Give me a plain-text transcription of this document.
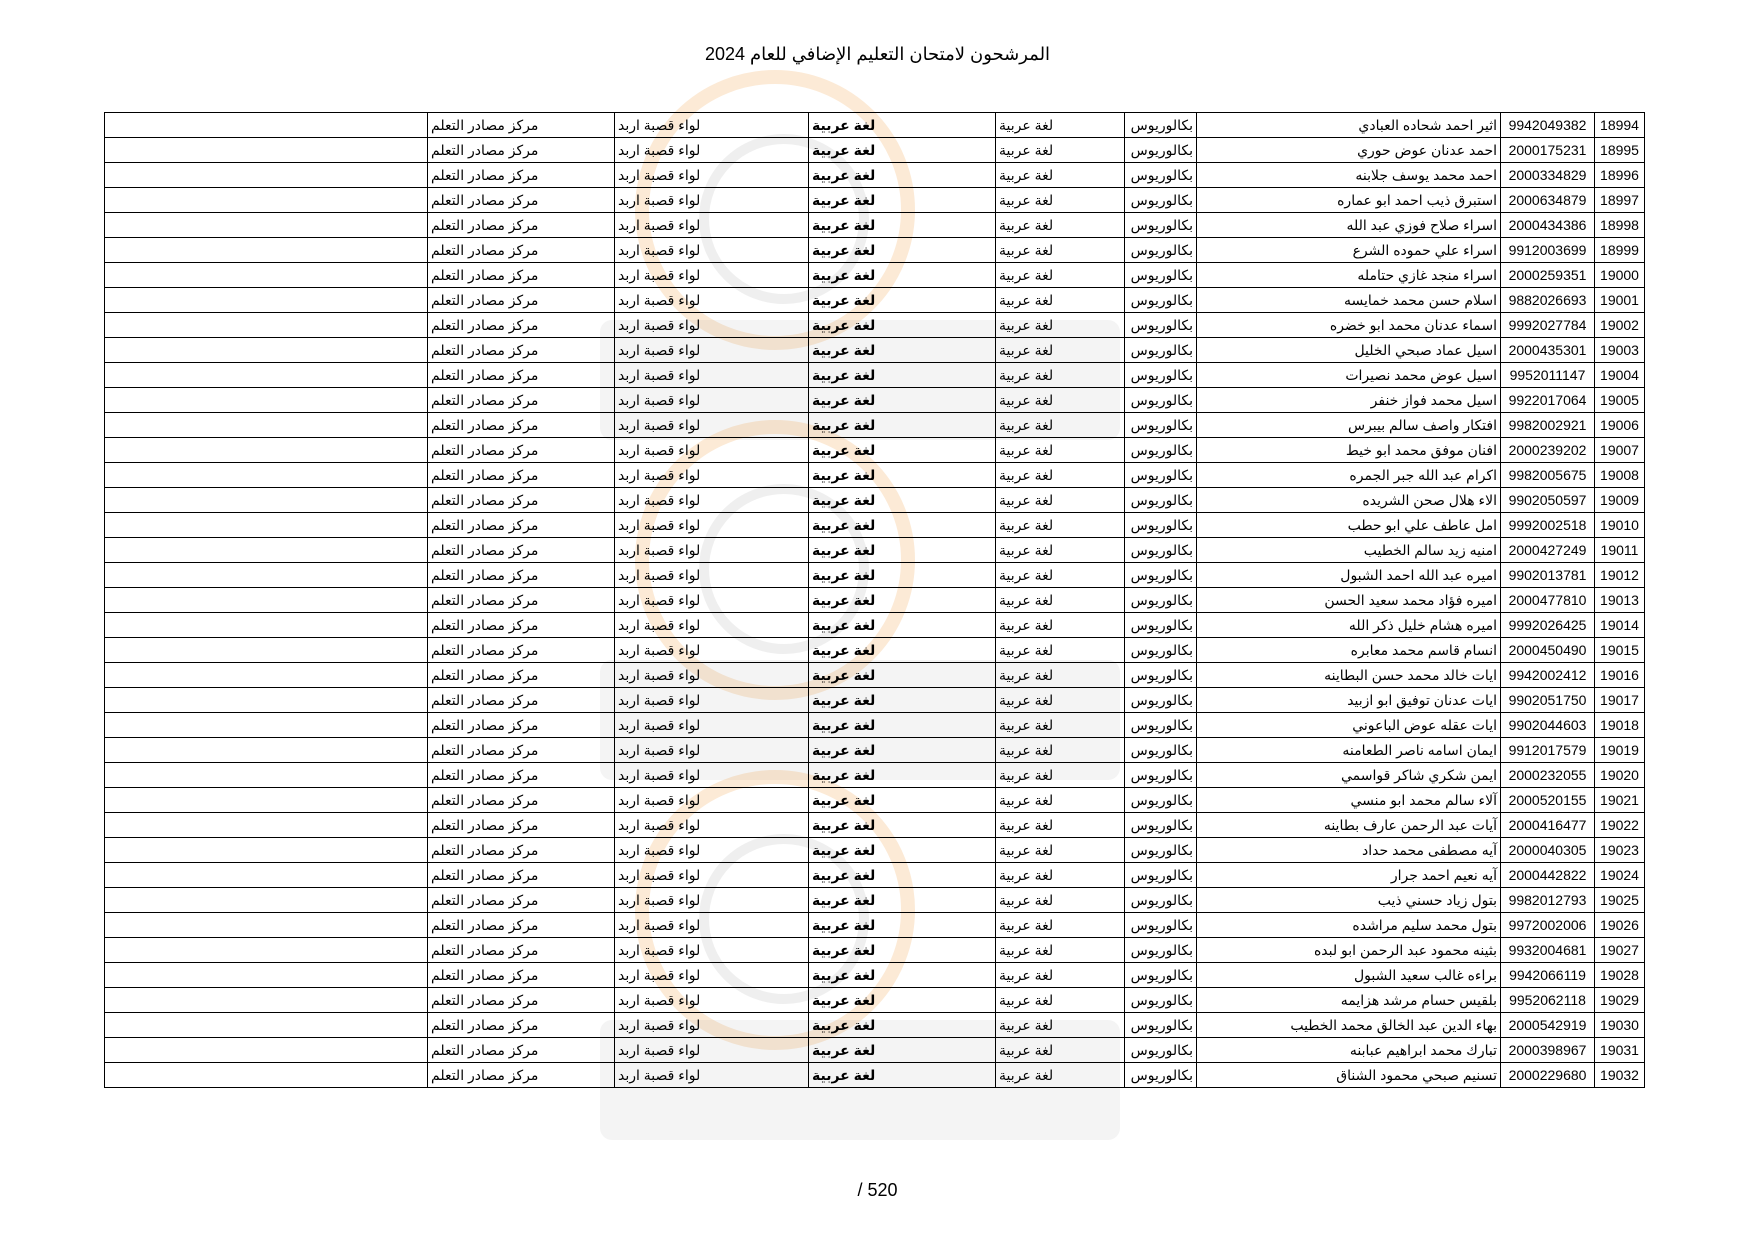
المرشحون لامتحان التعليم الإضافي للعام 2024
18994	9942049382	اثير احمد شحاده العبادي	بكالوريوس	لغة عربية	لغة عربية	لواء قصبة اربد	مركز مصادر التعلم	
18995	2000175231	احمد عدنان عوض حوري	بكالوريوس	لغة عربية	لغة عربية	لواء قصبة اربد	مركز مصادر التعلم	
18996	2000334829	احمد محمد يوسف جلابنه	بكالوريوس	لغة عربية	لغة عربية	لواء قصبة اربد	مركز مصادر التعلم	
18997	2000634879	استبرق ذيب احمد ابو عماره	بكالوريوس	لغة عربية	لغة عربية	لواء قصبة اربد	مركز مصادر التعلم	
18998	2000434386	اسراء صلاح فوزي عبد الله	بكالوريوس	لغة عربية	لغة عربية	لواء قصبة اربد	مركز مصادر التعلم	
18999	9912003699	اسراء علي حموده الشرع	بكالوريوس	لغة عربية	لغة عربية	لواء قصبة اربد	مركز مصادر التعلم	
19000	2000259351	اسراء منجد غازي حتامله	بكالوريوس	لغة عربية	لغة عربية	لواء قصبة اربد	مركز مصادر التعلم	
19001	9882026693	اسلام حسن محمد خمايسه	بكالوريوس	لغة عربية	لغة عربية	لواء قصبة اربد	مركز مصادر التعلم	
19002	9992027784	اسماء عدنان محمد ابو خضره	بكالوريوس	لغة عربية	لغة عربية	لواء قصبة اربد	مركز مصادر التعلم	
19003	2000435301	اسيل عماد صبحي الخليل	بكالوريوس	لغة عربية	لغة عربية	لواء قصبة اربد	مركز مصادر التعلم	
19004	9952011147	اسيل عوض محمد نصيرات	بكالوريوس	لغة عربية	لغة عربية	لواء قصبة اربد	مركز مصادر التعلم	
19005	9922017064	اسيل محمد فواز خنفر	بكالوريوس	لغة عربية	لغة عربية	لواء قصبة اربد	مركز مصادر التعلم	
19006	9982002921	افتكار واصف سالم بيبرس	بكالوريوس	لغة عربية	لغة عربية	لواء قصبة اربد	مركز مصادر التعلم	
19007	2000239202	افنان موفق محمد ابو خيط	بكالوريوس	لغة عربية	لغة عربية	لواء قصبة اربد	مركز مصادر التعلم	
19008	9982005675	اكرام عبد الله جبر الجمره	بكالوريوس	لغة عربية	لغة عربية	لواء قصبة اربد	مركز مصادر التعلم	
19009	9902050597	الاء هلال صحن الشريده	بكالوريوس	لغة عربية	لغة عربية	لواء قصبة اربد	مركز مصادر التعلم	
19010	9992002518	امل عاطف علي ابو حطب	بكالوريوس	لغة عربية	لغة عربية	لواء قصبة اربد	مركز مصادر التعلم	
19011	2000427249	امنيه زيد سالم الخطيب	بكالوريوس	لغة عربية	لغة عربية	لواء قصبة اربد	مركز مصادر التعلم	
19012	9902013781	اميره عبد الله احمد الشبول	بكالوريوس	لغة عربية	لغة عربية	لواء قصبة اربد	مركز مصادر التعلم	
19013	2000477810	اميره فؤاد محمد سعيد الحسن	بكالوريوس	لغة عربية	لغة عربية	لواء قصبة اربد	مركز مصادر التعلم	
19014	9992026425	اميره هشام خليل ذكر الله	بكالوريوس	لغة عربية	لغة عربية	لواء قصبة اربد	مركز مصادر التعلم	
19015	2000450490	انسام قاسم محمد معابره	بكالوريوس	لغة عربية	لغة عربية	لواء قصبة اربد	مركز مصادر التعلم	
19016	9942002412	ايات خالد محمد حسن البطاينه	بكالوريوس	لغة عربية	لغة عربية	لواء قصبة اربد	مركز مصادر التعلم	
19017	9902051750	ايات عدنان توفيق ابو ازبيد	بكالوريوس	لغة عربية	لغة عربية	لواء قصبة اربد	مركز مصادر التعلم	
19018	9902044603	ايات عقله عوض الباعوني	بكالوريوس	لغة عربية	لغة عربية	لواء قصبة اربد	مركز مصادر التعلم	
19019	9912017579	ايمان اسامه ناصر الطعامنه	بكالوريوس	لغة عربية	لغة عربية	لواء قصبة اربد	مركز مصادر التعلم	
19020	2000232055	ايمن شكري شاكر قواسمي	بكالوريوس	لغة عربية	لغة عربية	لواء قصبة اربد	مركز مصادر التعلم	
19021	2000520155	آلاء سالم محمد ابو منسي	بكالوريوس	لغة عربية	لغة عربية	لواء قصبة اربد	مركز مصادر التعلم	
19022	2000416477	آيات عبد الرحمن عارف بطاينه	بكالوريوس	لغة عربية	لغة عربية	لواء قصبة اربد	مركز مصادر التعلم	
19023	2000040305	آيه مصطفى محمد حداد	بكالوريوس	لغة عربية	لغة عربية	لواء قصبة اربد	مركز مصادر التعلم	
19024	2000442822	آيه نعيم احمد جرار	بكالوريوس	لغة عربية	لغة عربية	لواء قصبة اربد	مركز مصادر التعلم	
19025	9982012793	بتول زياد حسني ذيب	بكالوريوس	لغة عربية	لغة عربية	لواء قصبة اربد	مركز مصادر التعلم	
19026	9972002006	بتول محمد سليم مراشده	بكالوريوس	لغة عربية	لغة عربية	لواء قصبة اربد	مركز مصادر التعلم	
19027	9932004681	بثينه محمود عبد الرحمن ابو لبده	بكالوريوس	لغة عربية	لغة عربية	لواء قصبة اربد	مركز مصادر التعلم	
19028	9942066119	براءه غالب سعيد الشبول	بكالوريوس	لغة عربية	لغة عربية	لواء قصبة اربد	مركز مصادر التعلم	
19029	9952062118	بلقيس حسام مرشد هزايمه	بكالوريوس	لغة عربية	لغة عربية	لواء قصبة اربد	مركز مصادر التعلم	
19030	2000542919	بهاء الدين عبد الخالق محمد الخطيب	بكالوريوس	لغة عربية	لغة عربية	لواء قصبة اربد	مركز مصادر التعلم	
19031	2000398967	تبارك محمد ابراهيم عبابنه	بكالوريوس	لغة عربية	لغة عربية	لواء قصبة اربد	مركز مصادر التعلم	
19032	2000229680	تسنيم صبحي محمود الشناق	بكالوريوس	لغة عربية	لغة عربية	لواء قصبة اربد	مركز مصادر التعلم	
/ 520
